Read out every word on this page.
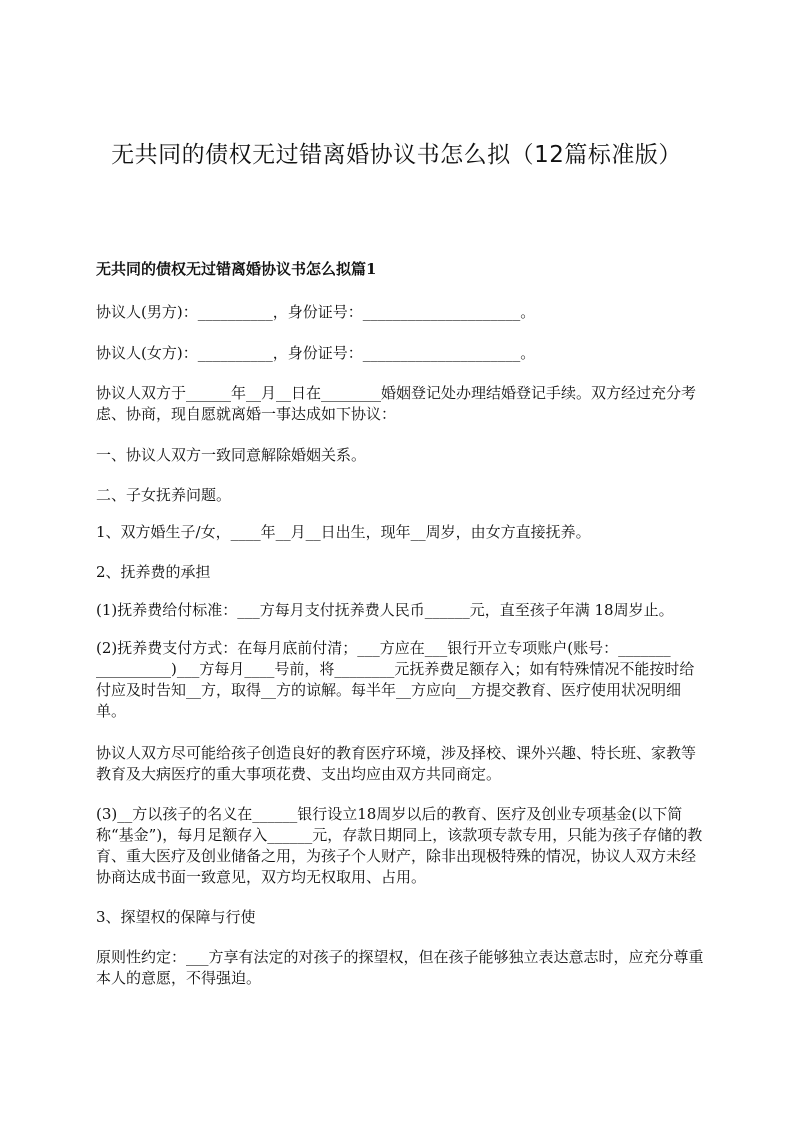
无共同的债权无过错离婚协议书怎么拟（12篇标准版）
无共同的债权无过错离婚协议书怎么拟篇1
协议人(男方)：__________，身份证号：_____________________。
协议人(女方)：__________，身份证号：_____________________。
协议人双方于______年__月__日在________婚姻登记处办理结婚登记手续。双方经过充分考虑、协商，现自愿就离婚一事达成如下协议：
一、协议人双方一致同意解除婚姻关系。
二、子女抚养问题。
1、双方婚生子/女，____年__月__日出生，现年__周岁，由女方直接抚养。
2、抚养费的承担
(1)抚养费给付标准：___方每月支付抚养费人民币______元，直至孩子年满 18周岁止。
(2)抚养费支付方式：在每月底前付清；___方应在___银行开立专项账户(账号：_______ __________)___方每月____号前，将________元抚养费足额存入；如有特殊情况不能按时给付应及时告知__方，取得__方的谅解。每半年__方应向__方提交教育、医疗使用状况明细单。
协议人双方尽可能给孩子创造良好的教育医疗环境，涉及择校、课外兴趣、特长班、家教等教育及大病医疗的重大事项花费、支出均应由双方共同商定。
(3)__方以孩子的名义在______银行设立18周岁以后的教育、医疗及创业专项基金(以下简称“基金”)，每月足额存入______元，存款日期同上，该款项专款专用，只能为孩子存储的教育、重大医疗及创业储备之用，为孩子个人财产，除非出现极特殊的情况，协议人双方未经协商达成书面一致意见，双方均无权取用、占用。
3、探望权的保障与行使
原则性约定：___方享有法定的对孩子的探望权，但在孩子能够独立表达意志时，应充分尊重本人的意愿，不得强迫。
